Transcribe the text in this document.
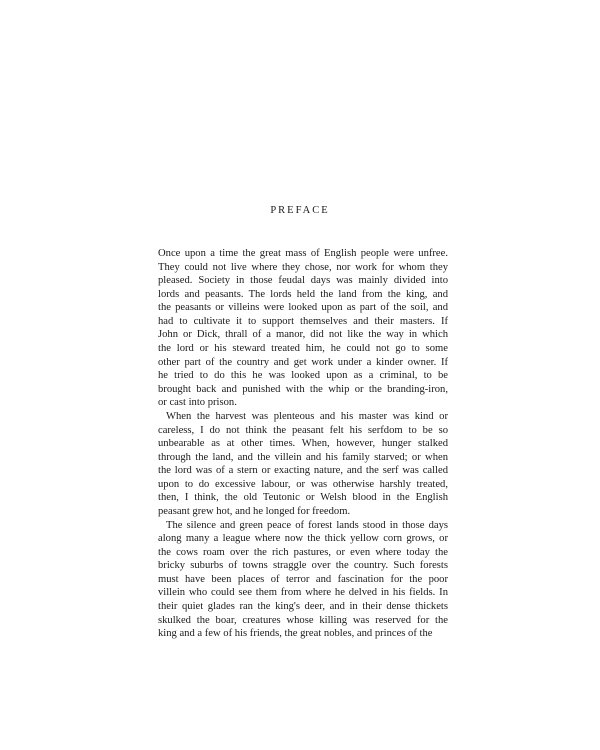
PREFACE
Once upon a time the great mass of English people were unfree.
They could not live where they chose, nor work for whom they
pleased. Society in those feudal days was mainly divided into
lords and peasants. The lords held the land from the king, and
the peasants or villeins were looked upon as part of the soil, and
had to cultivate it to support themselves and their masters. If
John or Dick, thrall of a manor, did not like the way in which
the lord or his steward treated him, he could not go to some
other part of the country and get work under a kinder owner. If
he tried to do this he was looked upon as a criminal, to be
brought back and punished with the whip or the branding-iron,
or cast into prison.
When the harvest was plenteous and his master was kind or
careless, I do not think the peasant felt his serfdom to be so
unbearable as at other times. When, however, hunger stalked
through the land, and the villein and his family starved; or when
the lord was of a stern or exacting nature, and the serf was called
upon to do excessive labour, or was otherwise harshly treated,
then, I think, the old Teutonic or Welsh blood in the English
peasant grew hot, and he longed for freedom.
The silence and green peace of forest lands stood in those days
along many a league where now the thick yellow corn grows, or
the cows roam over the rich pastures, or even where today the
bricky suburbs of towns straggle over the country. Such forests
must have been places of terror and fascination for the poor
villein who could see them from where he delved in his fields. In
their quiet glades ran the king's deer, and in their dense thickets
skulked the boar, creatures whose killing was reserved for the
king and a few of his friends, the great nobles, and princes of the
